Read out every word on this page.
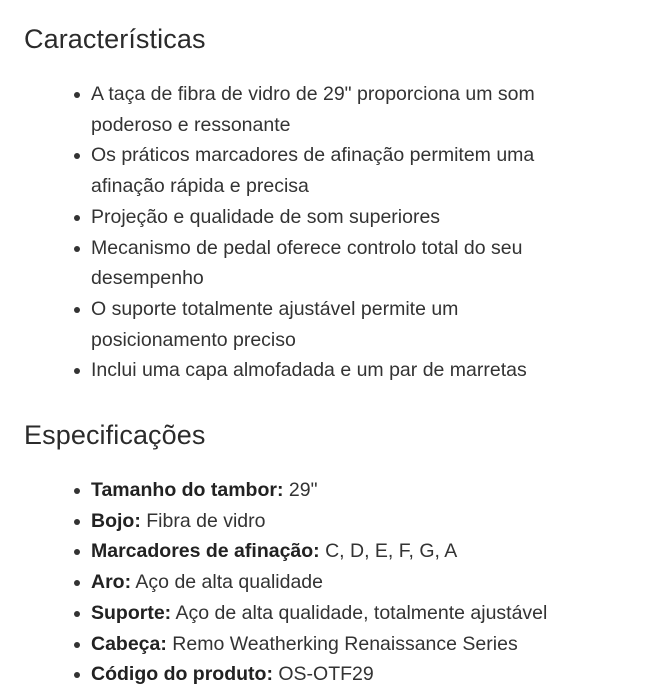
Características
A taça de fibra de vidro de 29" proporciona um som poderoso e ressonante
Os práticos marcadores de afinação permitem uma afinação rápida e precisa
Projeção e qualidade de som superiores
Mecanismo de pedal oferece controlo total do seu desempenho
O suporte totalmente ajustável permite um posicionamento preciso
Inclui uma capa almofadada e um par de marretas
Especificações
Tamanho do tambor: 29"
Bojo: Fibra de vidro
Marcadores de afinação: C, D, E, F, G, A
Aro: Aço de alta qualidade
Suporte: Aço de alta qualidade, totalmente ajustável
Cabeça: Remo Weatherking Renaissance Series
Código do produto: OS-OTF29
